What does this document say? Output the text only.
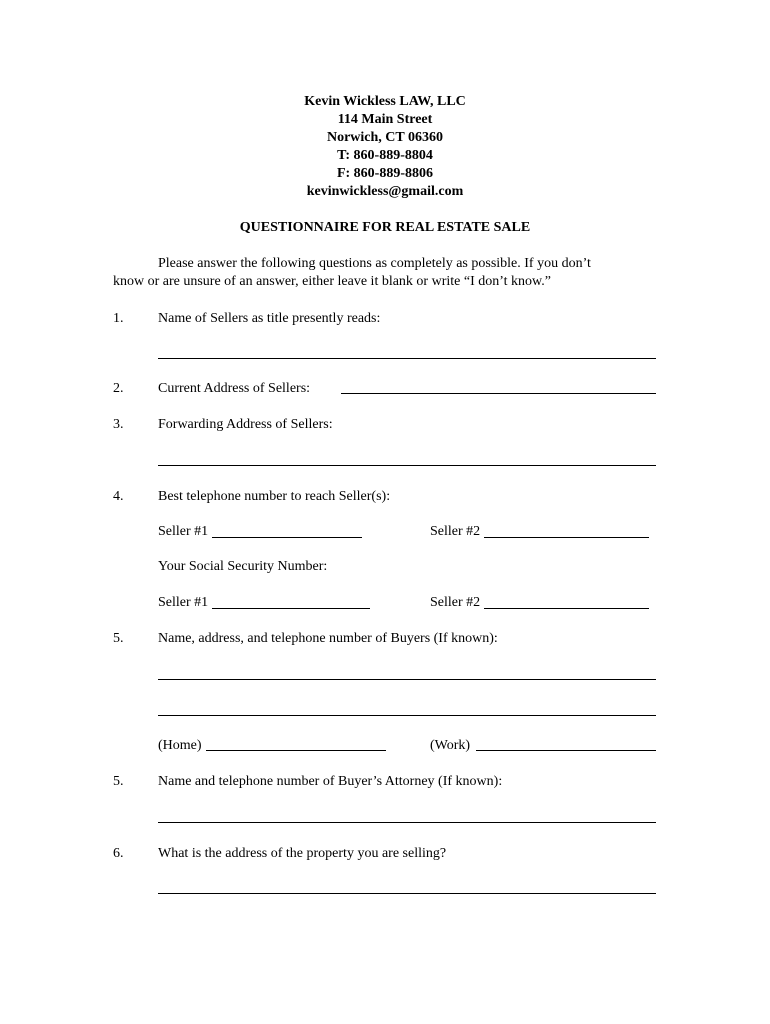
Kevin Wickless LAW, LLC
114 Main Street
Norwich, CT 06360
T: 860-889-8804
F: 860-889-8806
kevinwickless@gmail.com
QUESTIONNAIRE FOR REAL ESTATE SALE
Please answer the following questions as completely as possible. If you don’t
know or are unsure of an answer, either leave it blank or write “I don’t know.”
1. Name of Sellers as title presently reads:
2. Current Address of Sellers:
3. Forwarding Address of Sellers:
4. Best telephone number to reach Seller(s):
Seller #1	Seller #2
Your Social Security Number:
Seller #1	Seller #2
5. Name, address, and telephone number of Buyers (If known):
(Home)	(Work)
5. Name and telephone number of Buyer’s Attorney (If known):
6. What is the address of the property you are selling?
